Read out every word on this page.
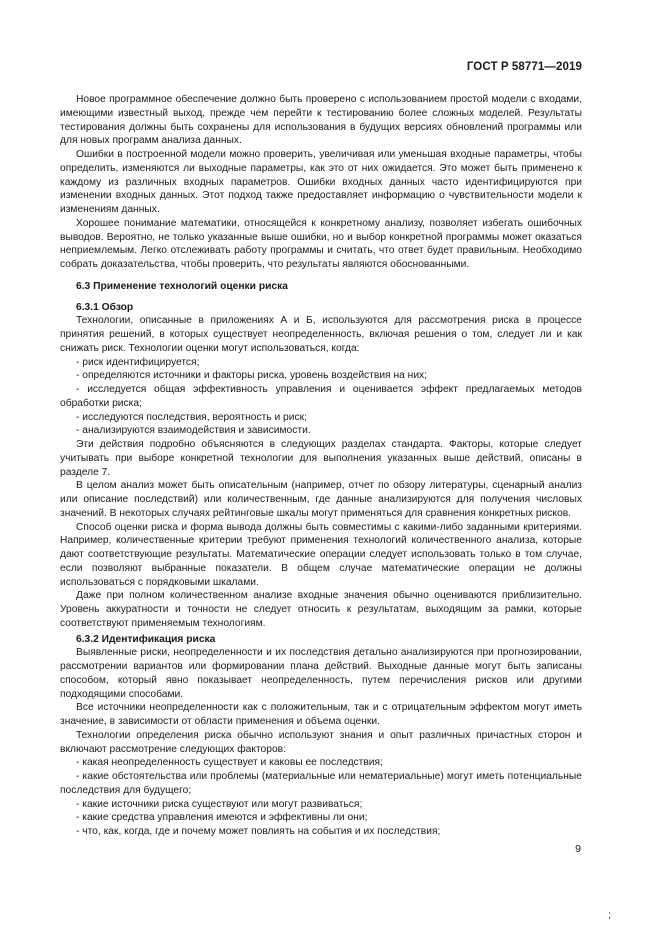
ГОСТ Р 58771—2019

Новое программное обеспечение должно быть проверено с использованием простой модели с входами, имеющими известный выход, прежде чем перейти к тестированию более сложных моделей. Результаты тестирования должны быть сохранены для использования в будущих версиях обновлений программы или для новых программ анализа данных.

Ошибки в построенной модели можно проверить, увеличивая или уменьшая входные параметры, чтобы определить, изменяются ли выходные параметры, как это от них ожидается. Это может быть применено к каждому из различных входных параметров. Ошибки входных данных часто идентифицируются при изменении входных данных. Этот подход также предоставляет информацию о чувствительности модели к изменениям данных.

Хорошее понимание математики, относящейся к конкретному анализу, позволяет избегать ошибочных выводов. Вероятно, не только указанные выше ошибки, но и выбор конкретной программы может оказаться неприемлемым. Легко отслеживать работу программы и считать, что ответ будет правильным. Необходимо собрать доказательства, чтобы проверить, что результаты являются обоснованными.

6.3 Применение технологий оценки риска

6.3.1 Обзор

Технологии, описанные в приложениях А и Б, используются для рассмотрения риска в процессе принятия решений, в которых существует неопределенность, включая решения о том, следует ли и как снижать риск. Технологии оценки могут использоваться, когда:

- риск идентифицируется;

- определяются источники и факторы риска, уровень воздействия на них;

- исследуется общая эффективность управления и оценивается эффект предлагаемых методов обработки риска;

- исследуются последствия, вероятность и риск;

- анализируются взаимодействия и зависимости.

Эти действия подробно объясняются в следующих разделах стандарта. Факторы, которые следует учитывать при выборе конкретной технологии для выполнения указанных выше действий, описаны в разделе 7.

В целом анализ может быть описательным (например, отчет по обзору литературы, сценарный анализ или описание последствий) или количественным, где данные анализируются для получения числовых значений. В некоторых случаях рейтинговые шкалы могут применяться для сравнения конкретных рисков.

Способ оценки риска и форма вывода должны быть совместимы с какими-либо заданными критериями. Например, количественные критерии требуют применения технологий количественного анализа, которые дают соответствующие результаты. Математические операции следует использовать только в том случае, если позволяют выбранные показатели. В общем случае математические операции не должны использоваться с порядковыми шкалами.

Даже при полном количественном анализе входные значения обычно оцениваются приблизительно. Уровень аккуратности и точности не следует относить к результатам, выходящим за рамки, которые соответствуют применяемым технологиям.

6.3.2 Идентификация риска

Выявленные риски, неопределенности и их последствия детально анализируются при прогнозировании, рассмотрении вариантов или формировании плана действий. Выходные данные могут быть записаны способом, который явно показывает неопределенность, путем перечисления рисков или другими подходящими способами.

Все источники неопределенности как с положительным, так и с отрицательным эффектом могут иметь значение, в зависимости от области применения и объема оценки.

Технологии определения риска обычно используют знания и опыт различных причастных сторон и включают рассмотрение следующих факторов:

- какая неопределенность существует и каковы ее последствия;

- какие обстоятельства или проблемы (материальные или нематериальные) могут иметь потенциальные последствия для будущего;

- какие источники риска существуют или могут развиваться;

- какие средства управления имеются и эффективны ли они;

- что, как, когда, где и почему может повлиять на события и их последствия;

9
;
